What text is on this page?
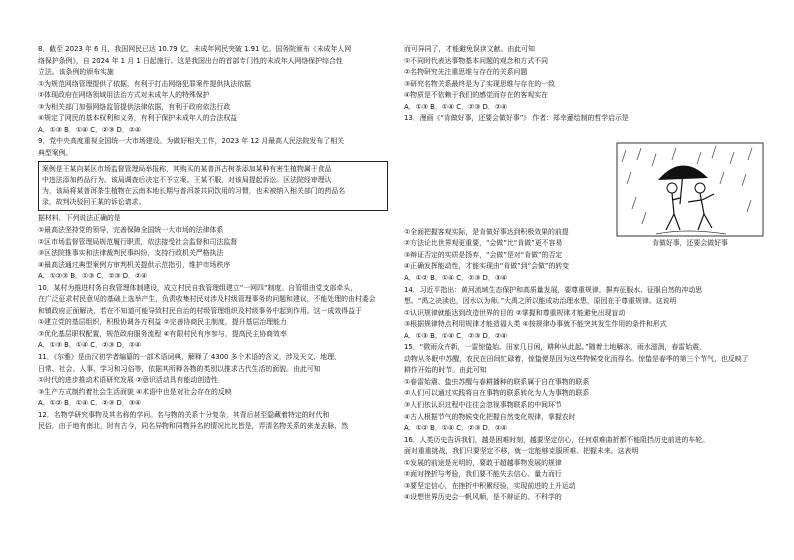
8．截至 2023 年 6 月，我国网民已达 10.79 亿，未成年网民突破 1.91 亿。国务院颁布《未成年人网
络保护条例》，自 2024 年 1 月 1 日起施行。这是我国出台的首部专门性的未成年人网络保护综合性
立法。该条例的颁布实施
①为规范网络管理提供了依据，有利于打击网络犯罪案件提供执法依据
②体现政府在网络领域用法治方式对未成年人的特殊保护
③为相关部门加强网络监管提供法律依据，有利于政府依法行政
④规定了网民的基本权利和义务，有利于保护未成年人的合法权益
A．①③ B．①④ C．②③ D．②④
9．党中央高度重视全国统一大市场建设。为做好相关工作，2023 年 12 月最高人民法院发布了相关
典型案例。
案例是王某向某区市场监督管理局举报称，其购买的某普洱古树茶添加某种有害生植物属于食品
中违法添加药品行为。该局调查后决定不予立案。王某不服，对该局提起诉讼。区法院经审理认
为，该局将某普洱茶生植物在云南本地长期与普洱茶共同饮用的习惯，也未被纳入相关部门的药品名
录，故判决驳回王某的诉讼请求。
据材料，下列说法正确的是
①最高法坚持党的领导，完善保障全国统一大市场的法律体系
②区市场监督管理局规范履行职责，依法接受社会监督和司法监督
③区法院推事实和法律裁判民事纠纷，支持行政机关严格执法
④最高法通过典型案例方审判机关提供示范指引，维护市场秩序
A．①②③ B．①③ C．②③ D．②④
10．某村为推进村务自我管理体制建设，成立村民自我管理组建立“一网四”制度。自管组由党支部牵头，
在广泛征求村民意见的基础上选举产生，负责收集村民对涉及村级管理事务的问题和建议，不能处理的由村委会
和镇政府正面解决，若在不知道可能导致村民自治的村级管理组织及村级事务中起到作用。这一成效得益于
①建立党的基层组织，积极协调各方利益 ②完善协商民主制度，提升基层治理能力
③优化基层职权配置，规范政府服务流程 ④有限村民有序参与，提高民主协商效率
A．①③ B．①④ C．②③ D．②④
11．《尔雅》是由汉初学者编纂的一部术语词典，解释了 4300 多个术语的含义，涉及天文、地理、
日常、社会、人事、学习和习俗等，依据其所释各物的类别以推求古代生活的面貌。由此可知
①时代的进步推动术语研究发展 ②意识活动具有能动创造性
③生产方式制约着社会生活面貌 ④术语中也是对社会存在的反映
A．①② B．①④ C．②③ D．③④
12．名物学研究事物及其名称的学问。名与物的关系十分复杂，其背后甚至隐藏着特定的时代和
民俗，由于地有南北，时有古今，同名异物和同物异名的情况比比皆是，弄清名物关系的来龙去脉，然
而可异同了，才能避免误读文献。由此可知
①不同时代表达事物基本问题的观念和方式不同
②名物研究先注重思维与存在的关系问题
③研究名物关系最终是为了实现思维与存在的一致
④物质是不依赖于我们的感觉而存在的客观实在
A．①③ B．①④ C．②③ D．②④
13．漫画《“肯做好事，还要会做好事”》 作者：郑幸蓮绘制的哲学启示是
①全面把握客观实际，是肯做好事达到积极效果的前提
②方法论比世界观更重要，“会做”比“肯做”更不容易
③辩证否定的实质是扬弃，“会做”是对“肯做”的否定
④正确发挥能动性，才能实现由“肯做”到“会做”的转变
A．①② B．①④ C．②③ D．③④
14．习近平指出：黄河流域生态保护和高质量发展，要尊重规律，摒弃征服水、征服自然的冲动思
想。“禹之决渎也，因水以为师。”大禹之所以能成功治理水患，原因在于尊重规律。这说明
①认识规律就能达到改造世界的目的 ②掌握和尊重规律才能避免出现盲动
③根据规律特点利用规律才能造福人类 ④按规律办事就不能突其发生作用的条件和形式
A．①③ B．①④ C．②③ D．②④
15．“微雨众卉新，一雷惊蛰始。田家几日闲，耕种从此起。”随着土地解冻，雨水滋润，春雷始震，
动物从冬眠中苏醒，农民在田间忙碌着，惊蛰便是因为这些物候变化而得名。惊蛰是春季的第三个节气，也反映了
耕作开始的时节。由此可知
①春雷始震、蛰虫苏醒与春耕播种的联系属于自在事物的联系
②人们可以通过实践将自在事物的联系转化为人为事物的联系
③人们依认识过程中往往会忽视事物联系的中间环节
④古人根据节气的物候变化把握自然变化规律，掌握农时
A．①② B．①④ C．②③ D．②④
16．人类历史告诉我们，越是困难时刻，越要坚定信心，任何艰难曲折都不能阻挡历史前进的车轮。
面对重重挑战，我们只要坚定不移，就一定能够克服所难、把握未来。这表明
①发展的前途是光明的，要敢于超越事物发展的规律
②面对挫折与考验，我们要不能失去信心、量力而行
③要坚定信心，在挫折中积累经验，实现前进的上升运动
④设想世界历史会一帆风顺，是不辩证的、不科学的
肯做好事，还要会做好事
